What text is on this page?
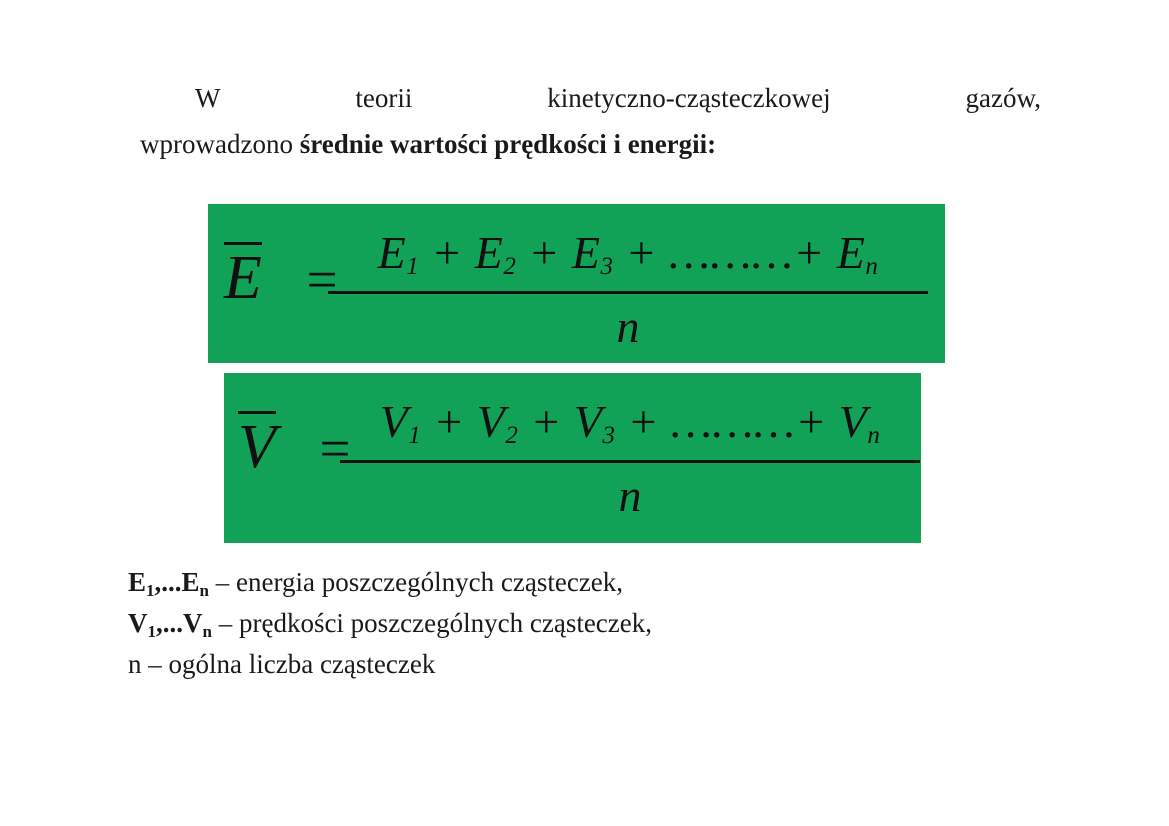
W	teorii	kinetyczno-cząsteczkowej	gazów,
wprowadzono średnie wartości prędkości i energii:
$E = E_1 + E_2 + E_3$ + ………+ $E_n$
n
$V = V_1 + V_2 + V_3$ + ………+ $V_n$
n
$E_1,...E_n$ – energia poszczególnych cząsteczek,
$V_1,...V_n$ – prędkości poszczególnych cząsteczek,
n – ogólna liczba cząsteczek
